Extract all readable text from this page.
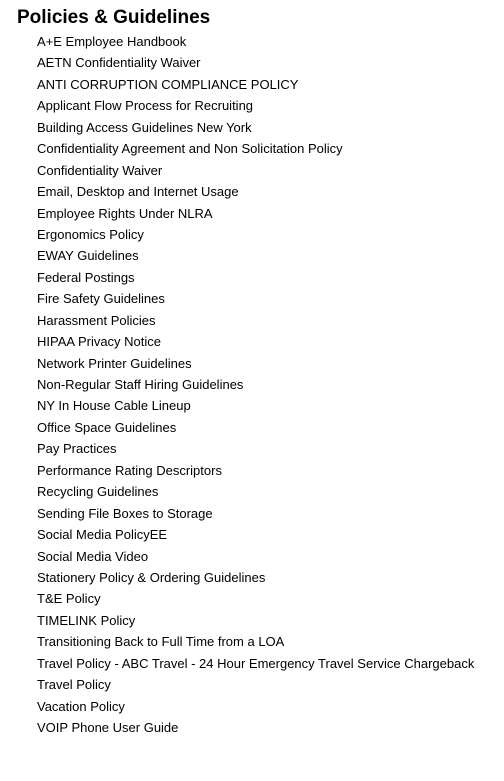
Policies & Guidelines
A+E Employee Handbook
AETN Confidentiality Waiver
ANTI CORRUPTION COMPLIANCE POLICY
Applicant Flow Process for Recruiting
Building Access Guidelines New York
Confidentiality Agreement and Non Solicitation Policy
Confidentiality Waiver
Email, Desktop and Internet Usage
Employee Rights Under NLRA
Ergonomics Policy
EWAY Guidelines
Federal Postings
Fire Safety Guidelines
Harassment Policies
HIPAA Privacy Notice
Network Printer Guidelines
Non-Regular Staff Hiring Guidelines
NY In House Cable Lineup
Office Space Guidelines
Pay Practices
Performance Rating Descriptors
Recycling Guidelines
Sending File Boxes to Storage
Social Media PolicyEE
Social Media Video
Stationery Policy & Ordering Guidelines
T&E Policy
TIMELINK Policy
Transitioning Back to Full Time from a LOA
Travel Policy - ABC Travel - 24 Hour Emergency Travel Service Chargeback
Travel Policy
Vacation Policy
VOIP Phone User Guide
